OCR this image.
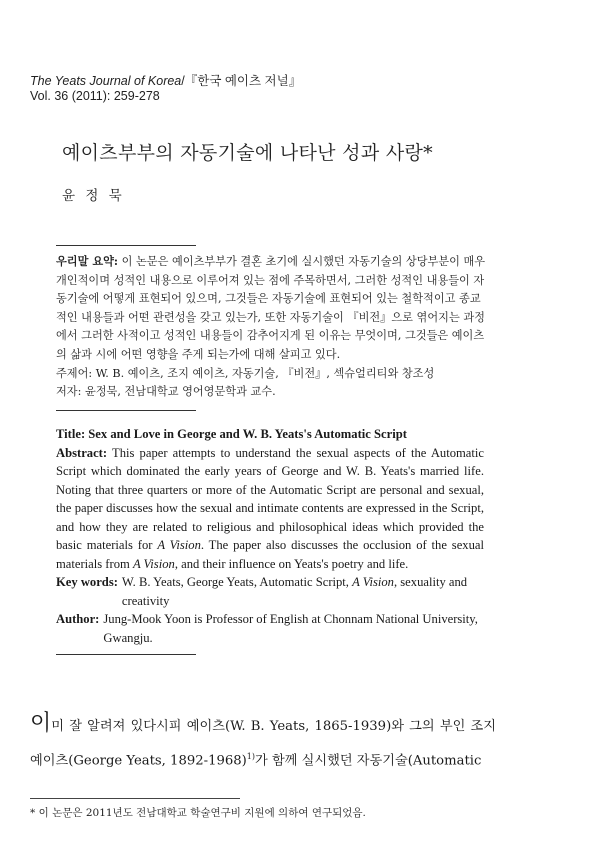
The Yeats Journal of Korea/『한국 예이츠 저널』
Vol. 36 (2011): 259-278
예이츠부부의 자동기술에 나타난 성과 사랑*
윤 정 묵

우리말 요약: 이 논문은 예이츠부부가 결혼 초기에 실시했던 자동기술의 상당부분이 매우 개인적이며 성적인 내용으로 이루어져 있는 점에 주목하면서, 그러한 성적인 내용들이 자동기술에 어떻게 표현되어 있으며, 그것들은 자동기술에 표현되어 있는 철학적이고 종교적인 내용들과 어떤 관련성을 갖고 있는가, 또한 자동기술이 『비전』으로 엮어지는 과정에서 그러한 사적이고 성적인 내용들이 감추어지게 된 이유는 무엇이며, 그것들은 예이츠의 삶과 시에 어떤 영향을 주게 되는가에 대해 살피고 있다.

주제어: W. B. 예이츠, 조지 예이츠, 자동기술, 『비전』, 섹슈얼리티와 창조성

저자: 윤정묵, 전남대학교 영어영문학과 교수.

Title: Sex and Love in George and W. B. Yeats's Automatic Script

Abstract: This paper attempts to understand the sexual aspects of the Automatic Script which dominated the early years of George and W. B. Yeats's married life. Noting that three quarters or more of the Automatic Script are personal and sexual, the paper discusses how the sexual and intimate contents are expressed in the Script, and how they are related to religious and philosophical ideas which provided the basic materials for A Vision. The paper also discusses the occlusion of the sexual materials from A Vision, and their influence on Yeats's poetry and life.

Key words: W. B. Yeats, George Yeats, Automatic Script, A Vision, sexuality and creativity
Author: Jung-Mook Yoon is Professor of English at Chonnam National University, Gwangju.
이미 잘 알려져 있다시피 예이츠(W. B. Yeats, 1865-1939)와 그의 부인 조지 예이츠(George Yeats, 1892-1968)$^{1)}$가 함께 실시했던 자동기술(Automatic
* 이 논문은 2011년도 전남대학교 학술연구비 지원에 의하여 연구되었음.
